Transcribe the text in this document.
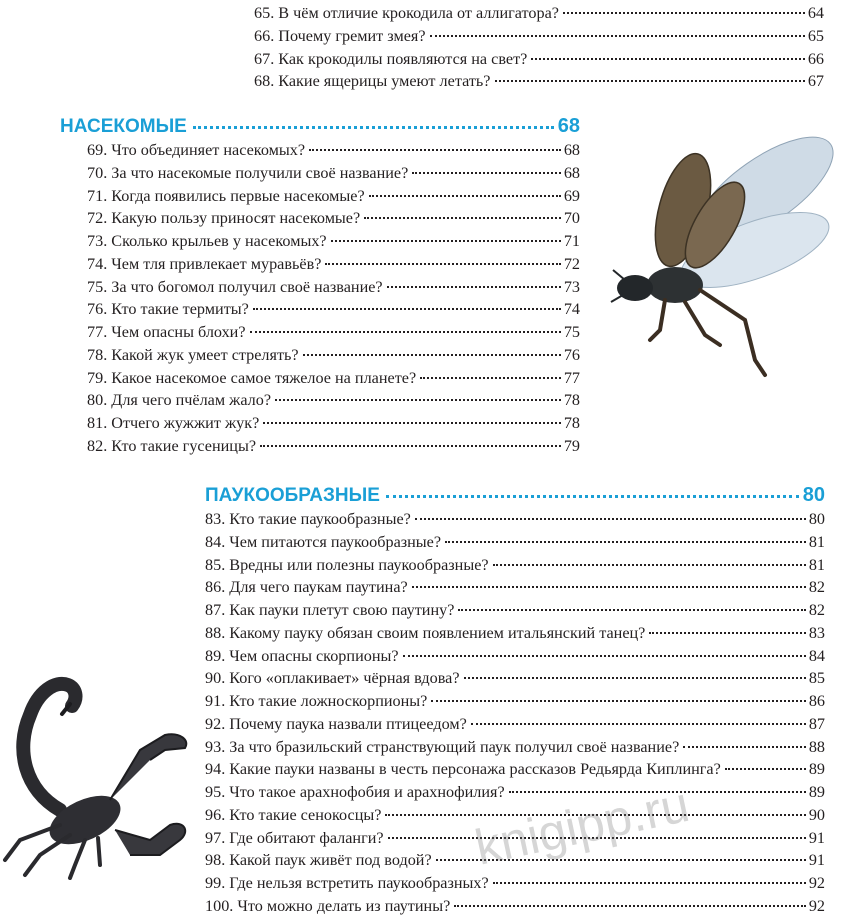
65. В чём отличие крокодила от аллигатора?	64
66. Почему гремит змея?	65
67. Как крокодилы появляются на свет?	66
68. Какие ящерицы умеют летать?	67
НАСЕКОМЫЕ	68
69. Что объединяет насекомых?	68
70. За что насекомые получили своё название?	68
71. Когда появились первые насекомые?	69
72. Какую пользу приносят насекомые?	70
73. Сколько крыльев у насекомых?	71
74. Чем тля привлекает муравьёв?	72
75. За что богомол получил своё название?	73
76. Кто такие термиты?	74
77. Чем опасны блохи?	75
78. Какой жук умеет стрелять?	76
79. Какое насекомое самое тяжелое на планете?	77
80. Для чего пчёлам жало?	78
81. Отчего жужжит жук?	78
82. Кто такие гусеницы?	79
ПАУКООБРАЗНЫЕ	80
83. Кто такие паукообразные?	80
84. Чем питаются паукообразные?	81
85. Вредны или полезны паукообразные?	81
86. Для чего паукам паутина?	82
87. Как пауки плетут свою паутину?	82
88. Какому пауку обязан своим появлением итальянский танец?	83
89. Чем опасны скорпионы?	84
90. Кого «оплакивает» чёрная вдова?	85
91. Кто такие ложноскорпионы?	86
92. Почему паука назвали птицеедом?	87
93. За что бразильский странствующий паук получил своё название?	88
94. Какие пауки названы в честь персонажа рассказов Редьярда Киплинга?	89
95. Что такое арахнофобия и арахнофилия?	89
96. Кто такие сенокосцы?	90
97. Где обитают фаланги?	91
98. Какой паук живёт под водой?	91
99. Где нельзя встретить паукообразных?	92
100. Что можно делать из паутины?	92
knigipp.ru
